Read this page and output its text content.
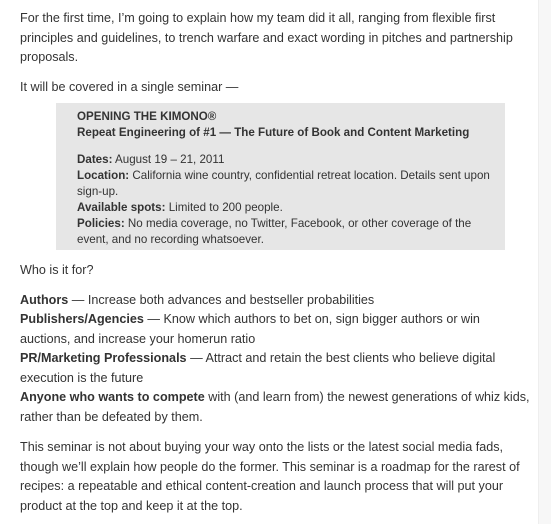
For the first time, I’m going to explain how my team did it all, ranging from flexible first principles and guidelines, to trench warfare and exact wording in pitches and partnership proposals.

It will be covered in a single seminar —

OPENING THE KIMONO®
Repeat Engineering of #1 — The Future of Book and Content Marketing
Dates: August 19 – 21, 2011
Location: California wine country, confidential retreat location. Details sent upon sign-up.
Available spots: Limited to 200 people.
Policies: No media coverage, no Twitter, Facebook, or other coverage of the event, and no recording whatsoever.

Who is it for?

Authors — Increase both advances and bestseller probabilities
Publishers/Agencies — Know which authors to bet on, sign bigger authors or win auctions, and increase your homerun ratio
PR/Marketing Professionals — Attract and retain the best clients who believe digital execution is the future
Anyone who wants to compete with (and learn from) the newest generations of whiz kids, rather than be defeated by them.

This seminar is not about buying your way onto the lists or the latest social media fads, though we’ll explain how people do the former. This seminar is a roadmap for the rarest of recipes: a repeatable and ethical content-creation and launch process that will put your product at the top and keep it at the top.
